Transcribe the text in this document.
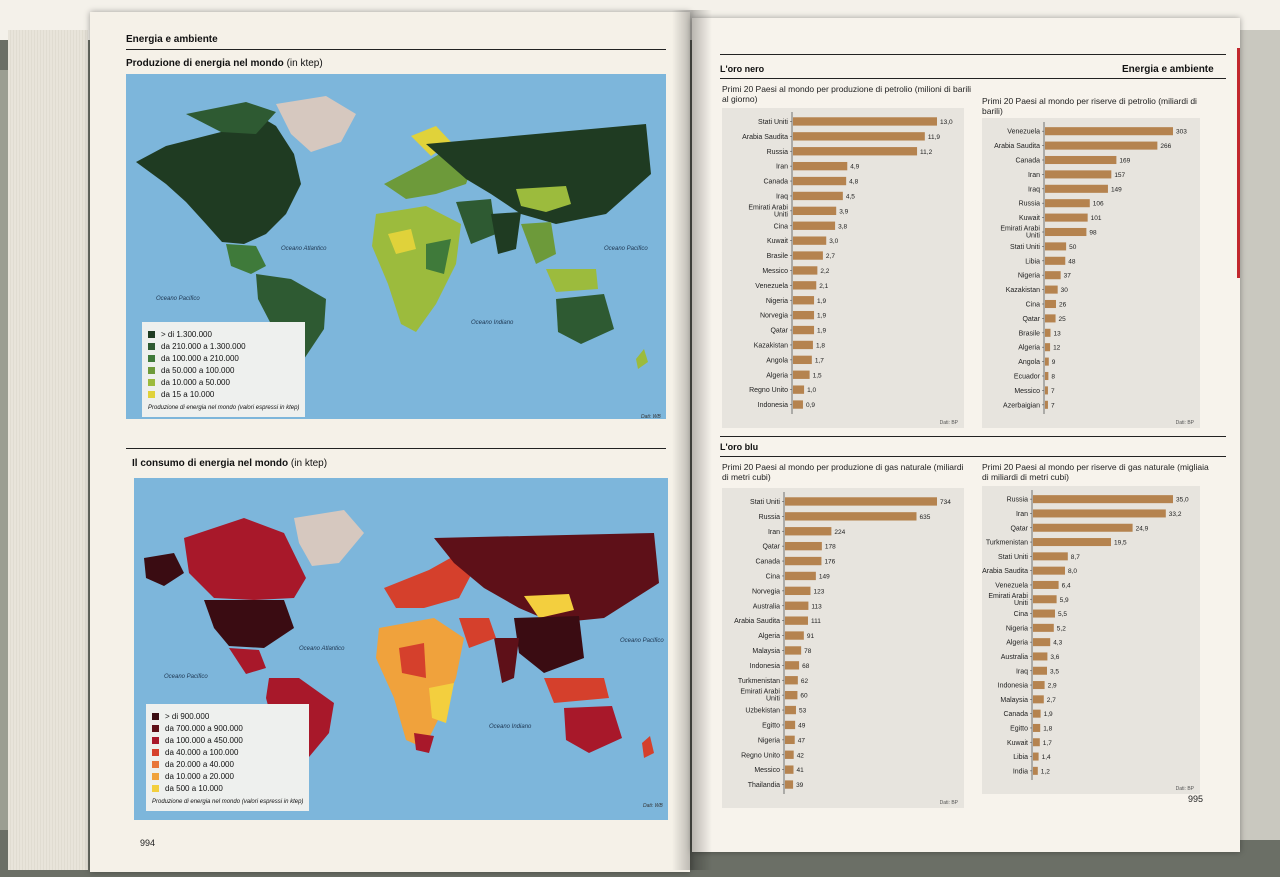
Energia e ambiente
Produzione di energia nel mondo (in ktep)
Oceano Atlantico
Oceano Pacifico
Oceano Pacifico
Oceano Indiano
> di 1.300.000
da 210.000 a 1.300.000
da 100.000 a 210.000
da 50.000 a 100.000
da 10.000 a 50.000
da 15 a 10.000
Produzione di energia nel mondo (valori espressi in ktep)
Dati: WB
Il consumo di energia nel mondo (in ktep)
Oceano Atlantico
Oceano Pacifico
Oceano Pacifico
Oceano Indiano
> di 900.000
da 700.000 a 900.000
da 100.000 a 450.000
da 40.000 a 100.000
da 20.000 a 40.000
da 10.000 a 20.000
da 500 a 10.000
Produzione di energia nel mondo (valori espressi in ktep)
Dati: WB
994
L'oro nero	Energia e ambiente
Primi 20 Paesi al mondo per produzione di petrolio (milioni di barili al giorno)
Stati Uniti	13,0
Arabia Saudita	11,9
Russia	11,2
Iran	4,9
Canada	4,8
Iraq	4,5
Emirati Arabi Uniti	3,9
Cina	3,8
Kuwait	3,0
Brasile	2,7
Messico	2,2
Venezuela	2,1
Nigeria	1,9
Norvegia	1,9
Qatar	1,9
Kazakistan	1,8
Angola	1,7
Algeria	1,5
Regno Unito	1,0
Indonesia	0,9
Dati: BP
Primi 20 Paesi al mondo per riserve di petrolio (miliardi di barili)
Venezuela	303
Arabia Saudita	266
Canada	169
Iran	157
Iraq	149
Russia	106
Kuwait	101
Emirati Arabi Uniti	98
Stati Uniti	50
Libia	48
Nigeria	37
Kazakistan	30
Cina	26
Qatar	25
Brasile 13
Algeria 12
Angola 9
Ecuador 8
Messico 7
Azerbaigian 7
Dati: BP
L'oro blu
Primi 20 Paesi al mondo per produzione di gas naturale (miliardi di metri cubi)
Stati Uniti	734
Russia	635
Iran	224
Qatar	178
Canada	176
Cina	149
Norvegia	123
Australia	113
Arabia Saudita	111
Algeria	91
Malaysia	78
Indonesia	68
Turkmenistan	62
Emirati Arabi Uniti	60
Uzbekistan	53
Egitto	49
Nigeria	47
Regno Unito	42
Messico	41
Thailandia 39
Dati: BP
Primi 20 Paesi al mondo per riserve di gas naturale (migliaia di miliardi di metri cubi)
Russia	35,0
Iran	33,2
Qatar	24,9
Turkmenistan	19,5
Stati Uniti	8,7
Arabia Saudita	8,0
Venezuela	6,4
Emirati Arabi Uniti	5,9
Cina	5,5
Nigeria	5,2
Algeria	4,3
Australia	3,6
Iraq	3,5
Indonesia	2,9
Malaysia	2,7
Canada 1,9
Egitto 1,8
Kuwait 1,7
Libia 1,4
India 1,2
Dati: BP
995
